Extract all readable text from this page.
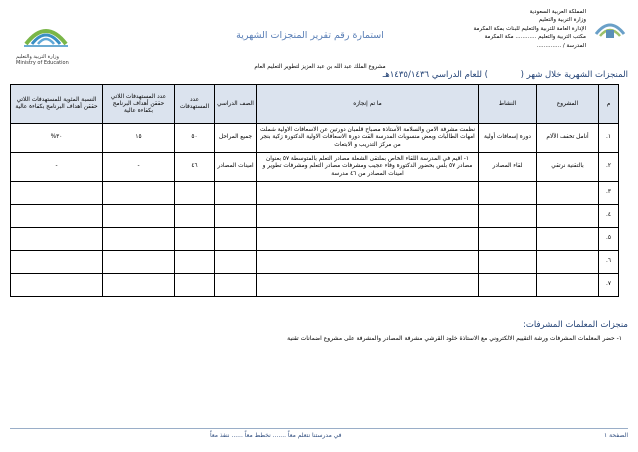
المملكة العربية السعودية
وزارة التربية والتعليم
الإدارة العامة للتربية والتعليم للبنات بمكة المكرمة
مكتب التربية والتعليم ............ مكة المكرمة
المدرسة / ..............
استمارة رقم تقرير المنجزات الشهرية
وزارة التربية والتعليم
Ministry of Education
مشروع الملك عبد الله بن عبد العزيز لتطوير التعليم العام
المنجزات الشهرية خلال شهر (
) للعام الدراسي ١٤٣٥/١٤٣٦هـ
م	المشروع	النشاط	ما تم إنجازه	الصف الدراسي	عدد المستهدفات	عدد المستهدفات اللاتي حققن أهداف البرنامج بكفاءة عالية	النسبة المئوية للمستهدفات اللاتي حققن أهداف البرنامج بكفاءة عالية
١.	أنامل تخفف الآلام	دورة إسعافات أولية	نظمت مشرفة الامن والسلامة الأستاذة مصباح قلمبان دورتين عن الاسعافات الاولية شملت امهات الطالبات وبعض منسوبات المدرسة القت دورة الاسعافات الاولية الدكتورة زكية بنجر من مركز التدريب و الابتعاث	جميع المراحل	٥٠	١٥	٣٠%
٢.	بالتقنية نرتقي	لقاء المصادر	١- اقيم في المدرسة اللقاء الخاص بملتقى الشعلة مصادر التعلم بالمتوسطة ٥٧ بعنوان مصادر ٥٧ بلس بحضور الدكتورة وفاء عجيب ومشرفات مصادر التعلم ومشرفات تطوير و امينات المصادر من ٤٦ مدرسة	امينات المصادر	٤٦	-	-
٣.							
٤.							
٥.							
٦.							
٧.							
منجزات المعلمات المشرفات:
١- حضر المعلمات المشرفات ورشة التقييم الالكتروني مع الاستاذة خلود القرشي مشرفة المصادر والمشرفة على مشروع اضمانات تقنية
الصفحة ١
في مدرستنا نتعلم معاً ....... نخطط معاً ...... ننفذ معاً
